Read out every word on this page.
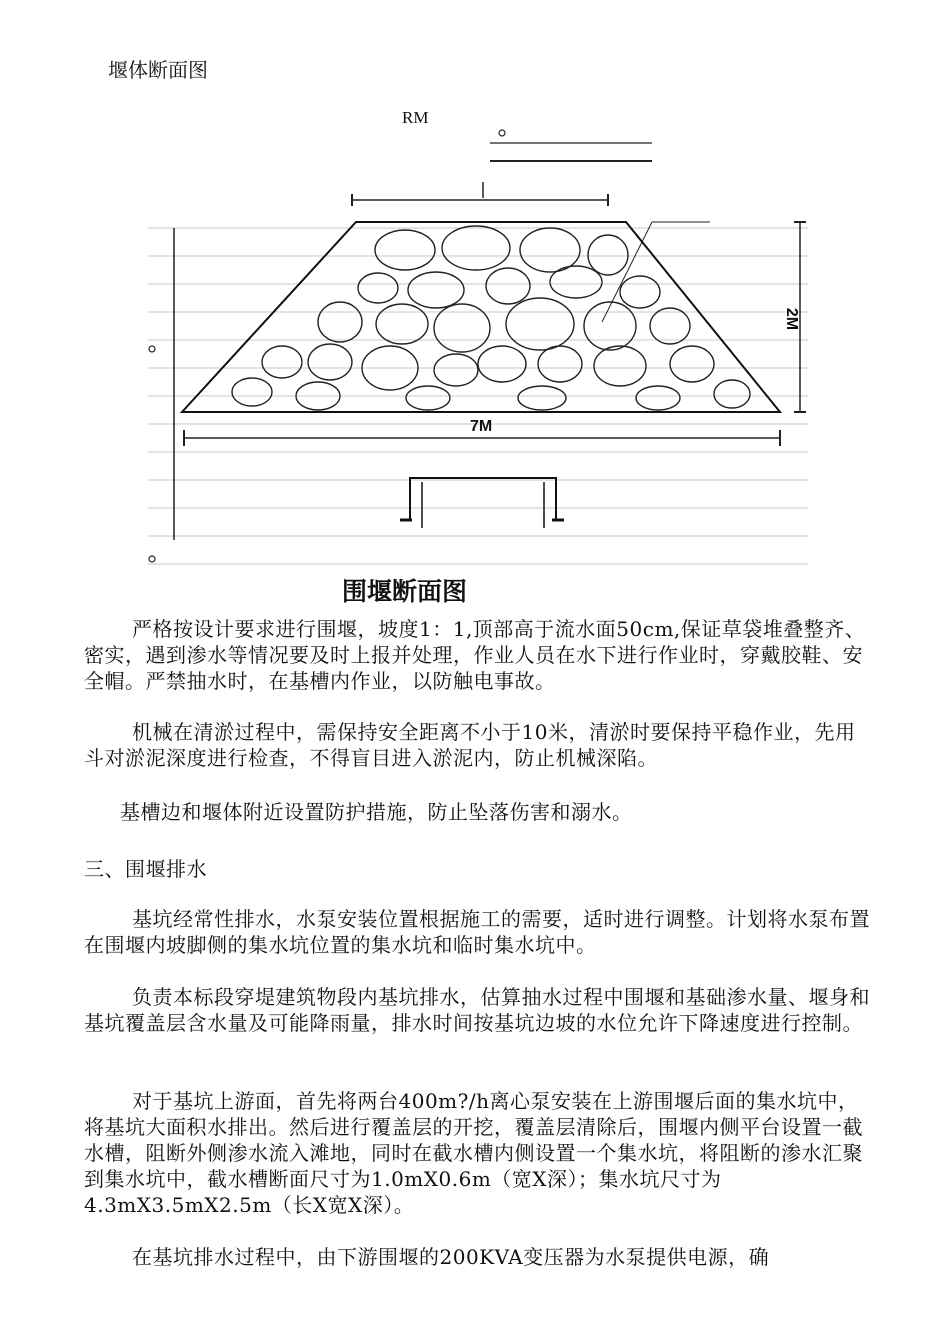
堰体断面图
RM
2M
7M
围堰断面图
严格按设计要求进行围堰，坡度1：1,顶部高于流水面50cm,保证草袋堆叠整齐、密实，遇到渗水等情况要及时上报并处理，作业人员在水下进行作业时，穿戴胶鞋、安全帽。严禁抽水时，在基槽内作业，以防触电事故。
机械在清淤过程中，需保持安全距离不小于10米，清淤时要保持平稳作业，先用斗对淤泥深度进行检查，不得盲目进入淤泥内，防止机械深陷。
基槽边和堰体附近设置防护措施，防止坠落伤害和溺水。
三、围堰排水
基坑经常性排水，水泵安装位置根据施工的需要，适时进行调整。计划将水泵布置在围堰内坡脚侧的集水坑位置的集水坑和临时集水坑中。
负责本标段穿堤建筑物段内基坑排水，估算抽水过程中围堰和基础渗水量、堰身和基坑覆盖层含水量及可能降雨量，排水时间按基坑边坡的水位允许下降速度进行控制。
对于基坑上游面，首先将两台400m?/h离心泵安装在上游围堰后面的集水坑中，将基坑大面积水排出。然后进行覆盖层的开挖，覆盖层清除后，围堰内侧平台设置一截水槽，阻断外侧渗水流入滩地，同时在截水槽内侧设置一个集水坑，将阻断的渗水汇聚到集水坑中，截水槽断面尺寸为1.0mX0.6m（宽X深）；集水坑尺寸为4.3mX3.5mX2.5m（长X宽X深）。
在基坑排水过程中，由下游围堰的200KVA变压器为水泵提供电源，确
